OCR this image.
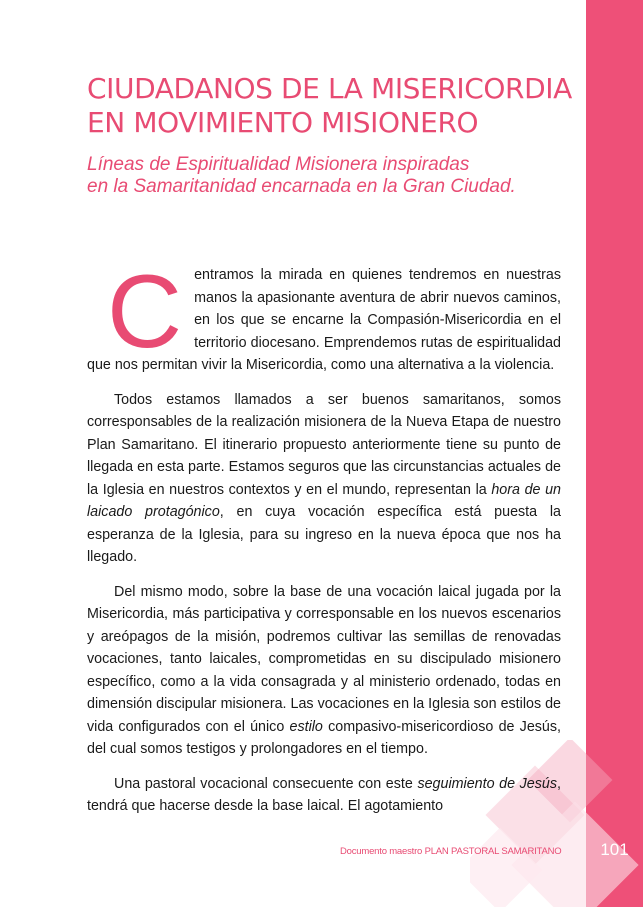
CIUDADANOS DE LA MISERICORDIA
EN MOVIMIENTO MISIONERO
Líneas de Espiritualidad Misionera inspiradas
en la Samaritanidad encarnada en la Gran Ciudad.

Centramos la mirada en quienes tendremos en nuestras manos la apasionante aventura de abrir nuevos caminos, en los que se encarne la Compasión-Misericordia en el territorio diocesano. Emprendemos rutas de espiritualidad que nos permitan vivir la Misericordia, como una alternativa a la violencia.

Todos estamos llamados a ser buenos samaritanos, somos corresponsables de la realización misionera de la Nueva Etapa de nuestro Plan Samaritano. El itinerario propuesto anteriormente tiene su punto de llegada en esta parte. Estamos seguros que las circunstancias actuales de la Iglesia en nuestros contextos y en el mundo, representan la hora de un laicado protagónico, en cuya vocación específica está puesta la esperanza de la Iglesia, para su ingreso en la nueva época que nos ha llegado.

Del mismo modo, sobre la base de una vocación laical jugada por la Misericordia, más participativa y corresponsable en los nuevos escenarios y areópagos de la misión, podremos cultivar las semillas de renovadas vocaciones, tanto laicales, comprometidas en su discipulado misionero específico, como a la vida consagrada y al ministerio ordenado, todas en dimensión discipular misionera. Las vocaciones en la Iglesia son estilos de vida configurados con el único estilo compasivo-misericordioso de Jesús, del cual somos testigos y prolongadores en el tiempo.

Una pastoral vocacional consecuente con este seguimiento de Jesús, tendrá que hacerse desde la base laical. El agotamiento

Documento maestro PLAN PASTORAL SAMARITANO	101
